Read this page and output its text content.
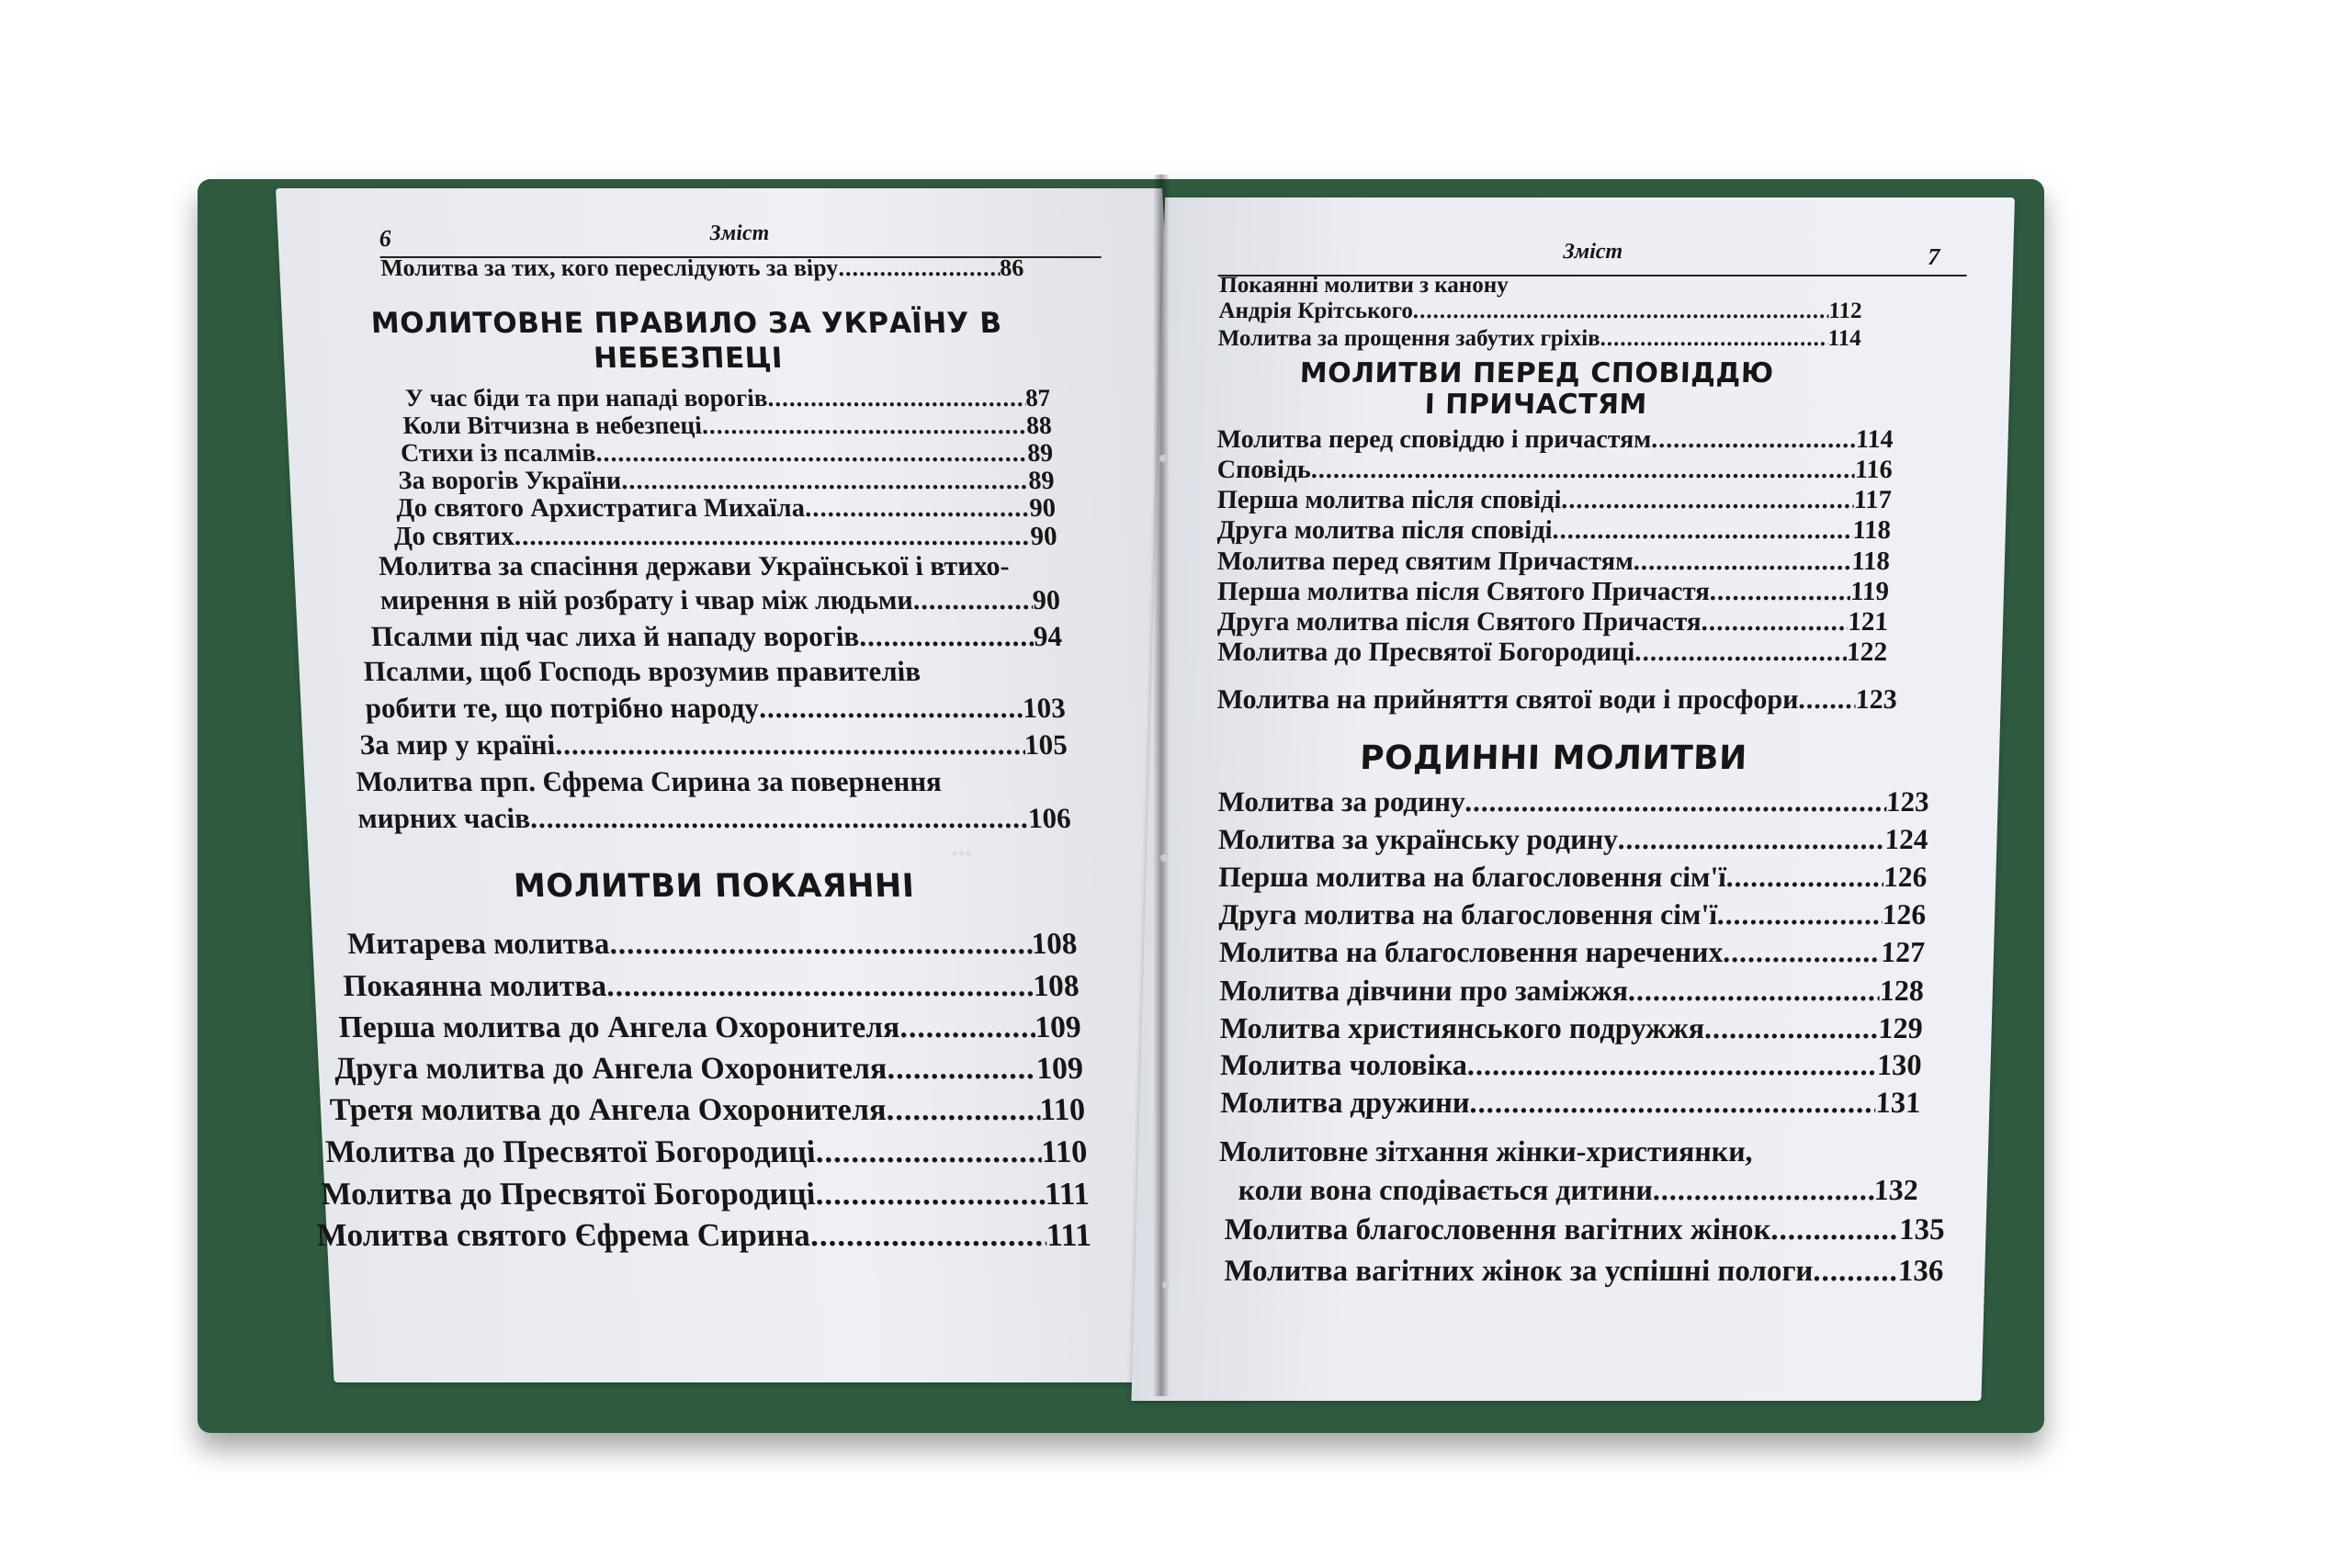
6	Зміст
Молитва за тих, кого переслідують за віру .....	86
МОЛИТОВНЕ ПРАВИЛО ЗА УКРАЇНУ В
НЕБЕЗПЕЦІ
У час біди та при нападі ворогів .....	87
Коли Вітчизна в небезпеці .....	88
Стихи із псалмів .....	89
За ворогів України .....	89
До святого Архистратига Михаїла .....	90
До святих .....	90
Молитва за спасіння держави Української і втихо-
мирення в ній розбрату і чвар між людьми .....	90
Псалми під час лиха й нападу ворогів .....	94
Псалми, щоб Господь врозумив правителів
робити те, що потрібно народу .....	103
За мир у країні .....	105
Молитва прп. Єфрема Сирина за повернення
мирних часів .....	106
МОЛИТВИ ПОКАЯННІ
Митарева молитва .....	108
Покаянна молитва .....	108
Перша молитва до Ангела Охоронителя .....	109
Друга молитва до Ангела Охоронителя .....	109
Третя молитва до Ангела Охоронителя .....	110
Молитва до Пресвятої Богородиці .....	110
Молитва до Пресвятої Богородиці .....	111
Молитва святого Єфрема Сирина .....	111
...
Зміст	7
Покаянні молитви з канону
Андрія Крітського .....	112
Молитва за прощення забутих гріхів .....	114
МОЛИТВИ ПЕРЕД СПОВІДДЮ
І ПРИЧАСТЯМ
Молитва перед сповіддю і причастям .....	114
Сповідь .....	116
Перша молитва після сповіді .....	117
Друга молитва після сповіді .....	118
Молитва перед святим Причастям .....	118
Перша молитва після Святого Причастя .....	119
Друга молитва після Святого Причастя .....	121
Молитва до Пресвятої Богородиці .....	122
Молитва на прийняття святої води і просфори ..... 123
РОДИННІ МОЛИТВИ
Молитва за родину .....	123
Молитва за українську родину .....	124
Перша молитва на благословення сім'ї .....	126
Друга молитва на благословення сім'ї .....	126
Молитва на благословення наречених .....	127
Молитва дівчини про заміжжя .....	128
Молитва християнського подружжя .....	129
Молитва чоловіка .....	130
Молитва дружини .....	131
Молитовне зітхання жінки-християнки,
коли вона сподівається дитини .....	132
Молитва благословення вагітних жінок .....	135
Молитва вагітних жінок за успішні пологи .....	136
